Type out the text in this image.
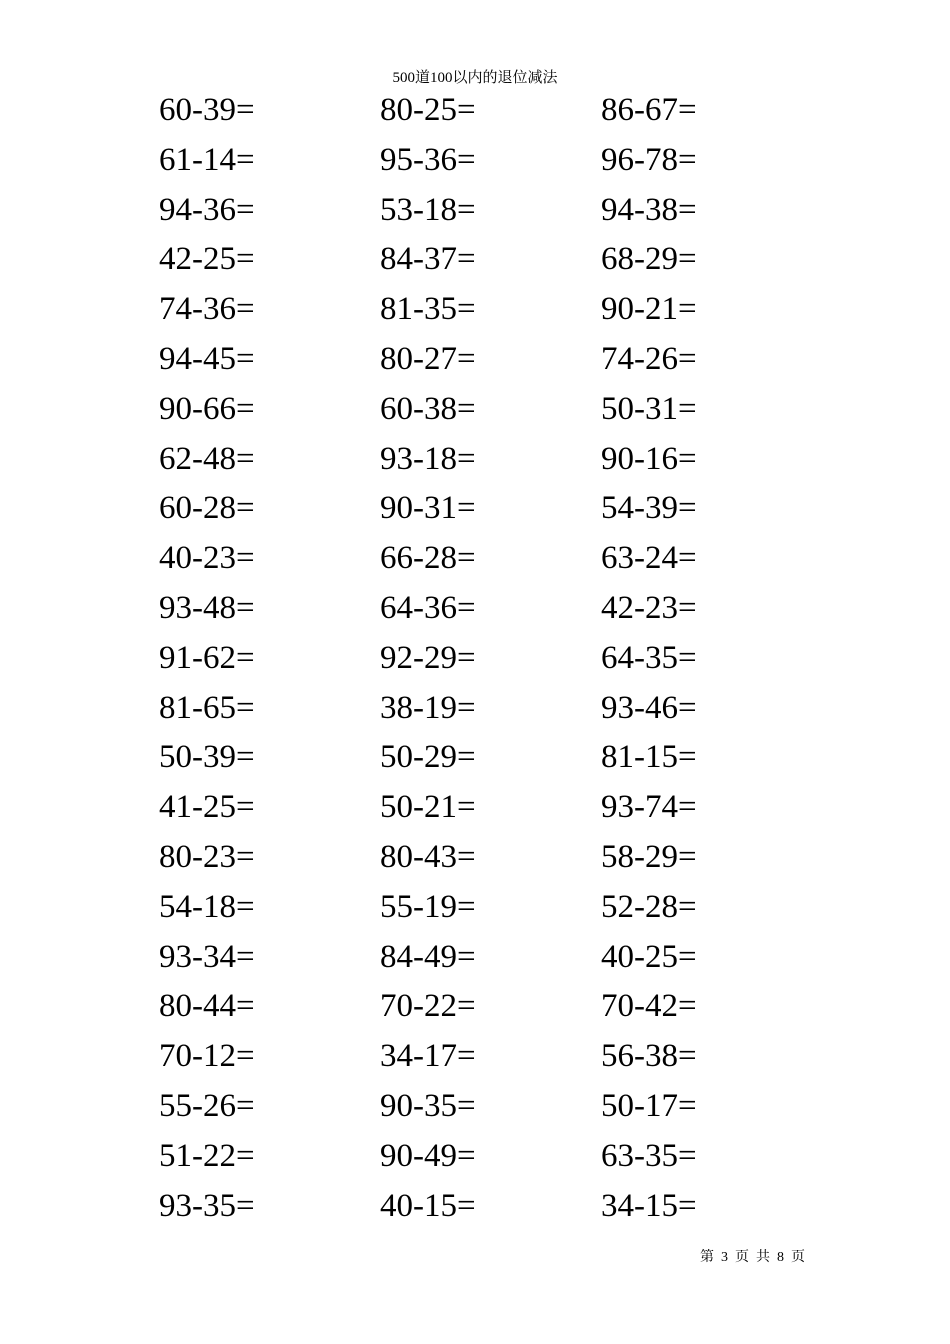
500道100以内的退位减法
60-39=	80-25=	86-67=
61-14=	95-36=	96-78=
94-36=	53-18=	94-38=
42-25=	84-37=	68-29=
74-36=	81-35=	90-21=
94-45=	80-27=	74-26=
90-66=	60-38=	50-31=
62-48=	93-18=	90-16=
60-28=	90-31=	54-39=
40-23=	66-28=	63-24=
93-48=	64-36=	42-23=
91-62=	92-29=	64-35=
81-65=	38-19=	93-46=
50-39=	50-29=	81-15=
41-25=	50-21=	93-74=
80-23=	80-43=	58-29=
54-18=	55-19=	52-28=
93-34=	84-49=	40-25=
80-44=	70-22=	70-42=
70-12=	34-17=	56-38=
55-26=	90-35=	50-17=
51-22=	90-49=	63-35=
93-35=	40-15=	34-15=
第 3 页 共 8 页
